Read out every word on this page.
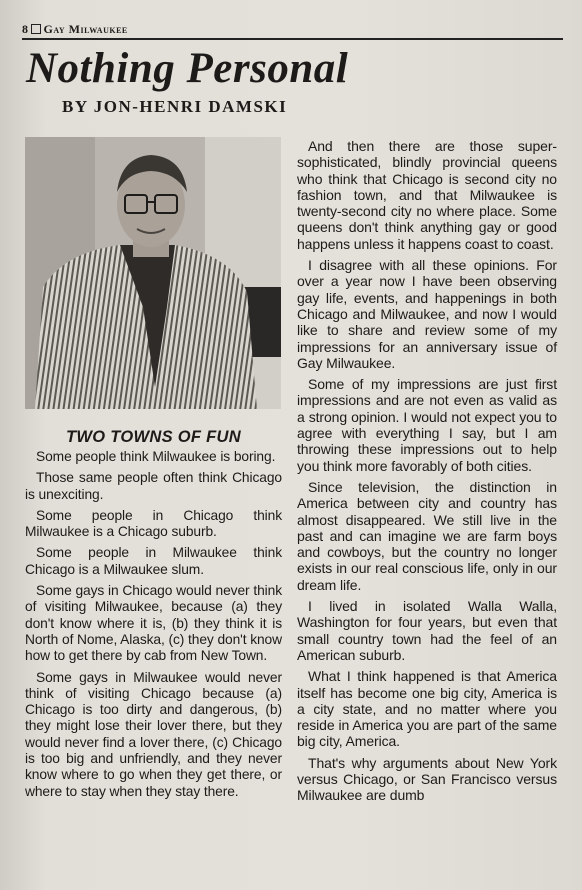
8 Gay Milwaukee
Nothing Personal
BY JON-HENRI DAMSKI
TWO TOWNS OF FUN

Some people think Milwaukee is boring.

Those same people often think Chicago is unexciting.

Some people in Chicago think Milwaukee is a Chicago suburb.

Some people in Milwaukee think Chicago is a Milwaukee slum.

Some gays in Chicago would never think of visiting Milwaukee, because (a) they don't know where it is, (b) they think it is North of Nome, Alaska, (c) they don't know how to get there by cab from New Town.

Some gays in Milwaukee would never think of visiting Chicago because (a) Chicago is too dirty and dangerous, (b) they might lose their lover there, but they would never find a lover there, (c) Chicago is too big and unfriendly, and they never know where to go when they get there, or where to stay when they stay there.

And then there are those super-sophisticated, blindly provincial queens who think that Chicago is second city no fashion town, and that Milwaukee is twenty-second city no where place. Some queens don't think anything gay or good happens unless it happens coast to coast.

I disagree with all these opinions. For over a year now I have been observing gay life, events, and happenings in both Chicago and Milwaukee, and now I would like to share and review some of my impressions for an anniversary issue of Gay Milwaukee.

Some of my impressions are just first impressions and are not even as valid as a strong opinion. I would not expect you to agree with everything I say, but I am throwing these impressions out to help you think more favorably of both cities.

Since television, the distinction in America between city and country has almost disappeared. We still live in the past and can imagine we are farm boys and cowboys, but the country no longer exists in our real conscious life, only in our dream life.

I lived in isolated Walla Walla, Washington for four years, but even that small country town had the feel of an American suburb.

What I think happened is that America itself has become one big city, America is a city state, and no matter where you reside in America you are part of the same big city, America.

That's why arguments about New York versus Chicago, or San Francisco versus Milwaukee are dumb
